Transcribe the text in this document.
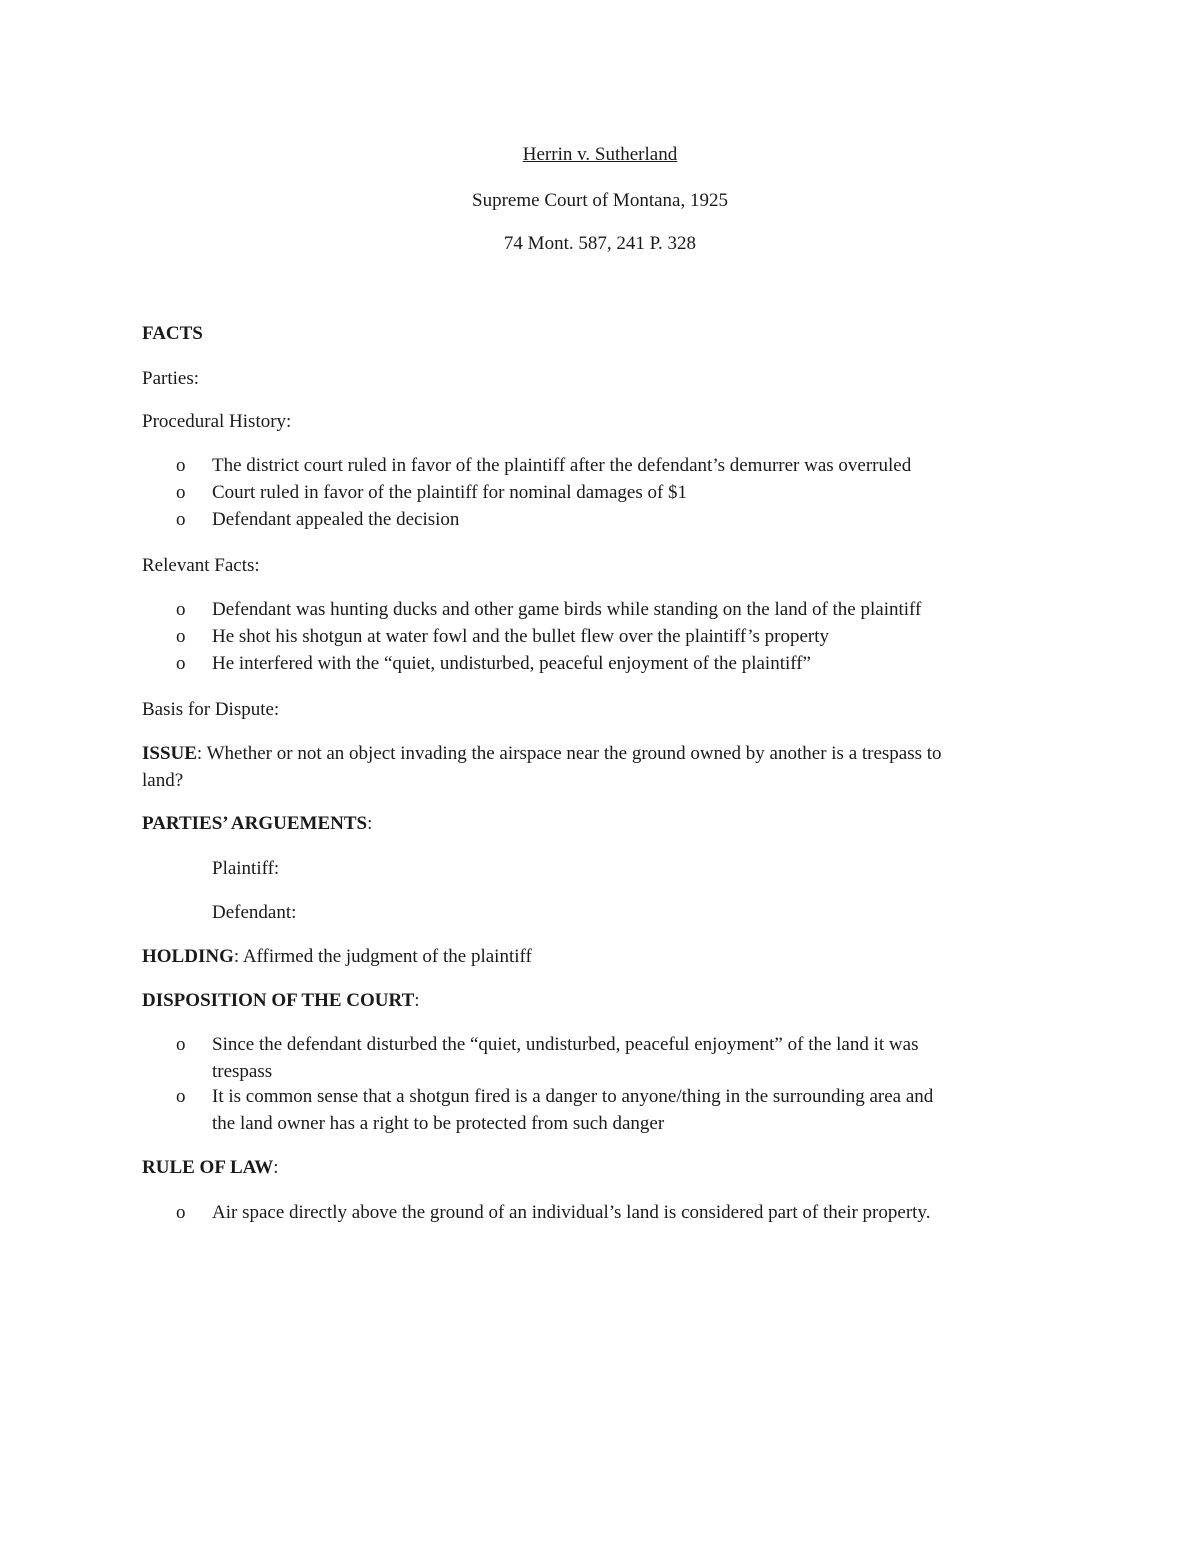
Herrin v. Sutherland
Supreme Court of Montana, 1925
74 Mont. 587, 241 P. 328
FACTS
Parties:
Procedural History:
o	The district court ruled in favor of the plaintiff after the defendant’s demurrer was overruled
o	Court ruled in favor of the plaintiff for nominal damages of $1
o	Defendant appealed the decision
Relevant Facts:
o	Defendant was hunting ducks and other game birds while standing on the land of the plaintiff
o	He shot his shotgun at water fowl and the bullet flew over the plaintiff’s property
o	He interfered with the “quiet, undisturbed, peaceful enjoyment of the plaintiff”
Basis for Dispute:
ISSUE: Whether or not an object invading the airspace near the ground owned by another is a trespass to
land?
PARTIES’ ARGUEMENTS:
Plaintiff:
Defendant:
HOLDING: Affirmed the judgment of the plaintiff
DISPOSITION OF THE COURT:
o	Since the defendant disturbed the “quiet, undisturbed, peaceful enjoyment” of the land it was
trespass
o	It is common sense that a shotgun fired is a danger to anyone/thing in the surrounding area and
the land owner has a right to be protected from such danger
RULE OF LAW:
o	Air space directly above the ground of an individual’s land is considered part of their property.
